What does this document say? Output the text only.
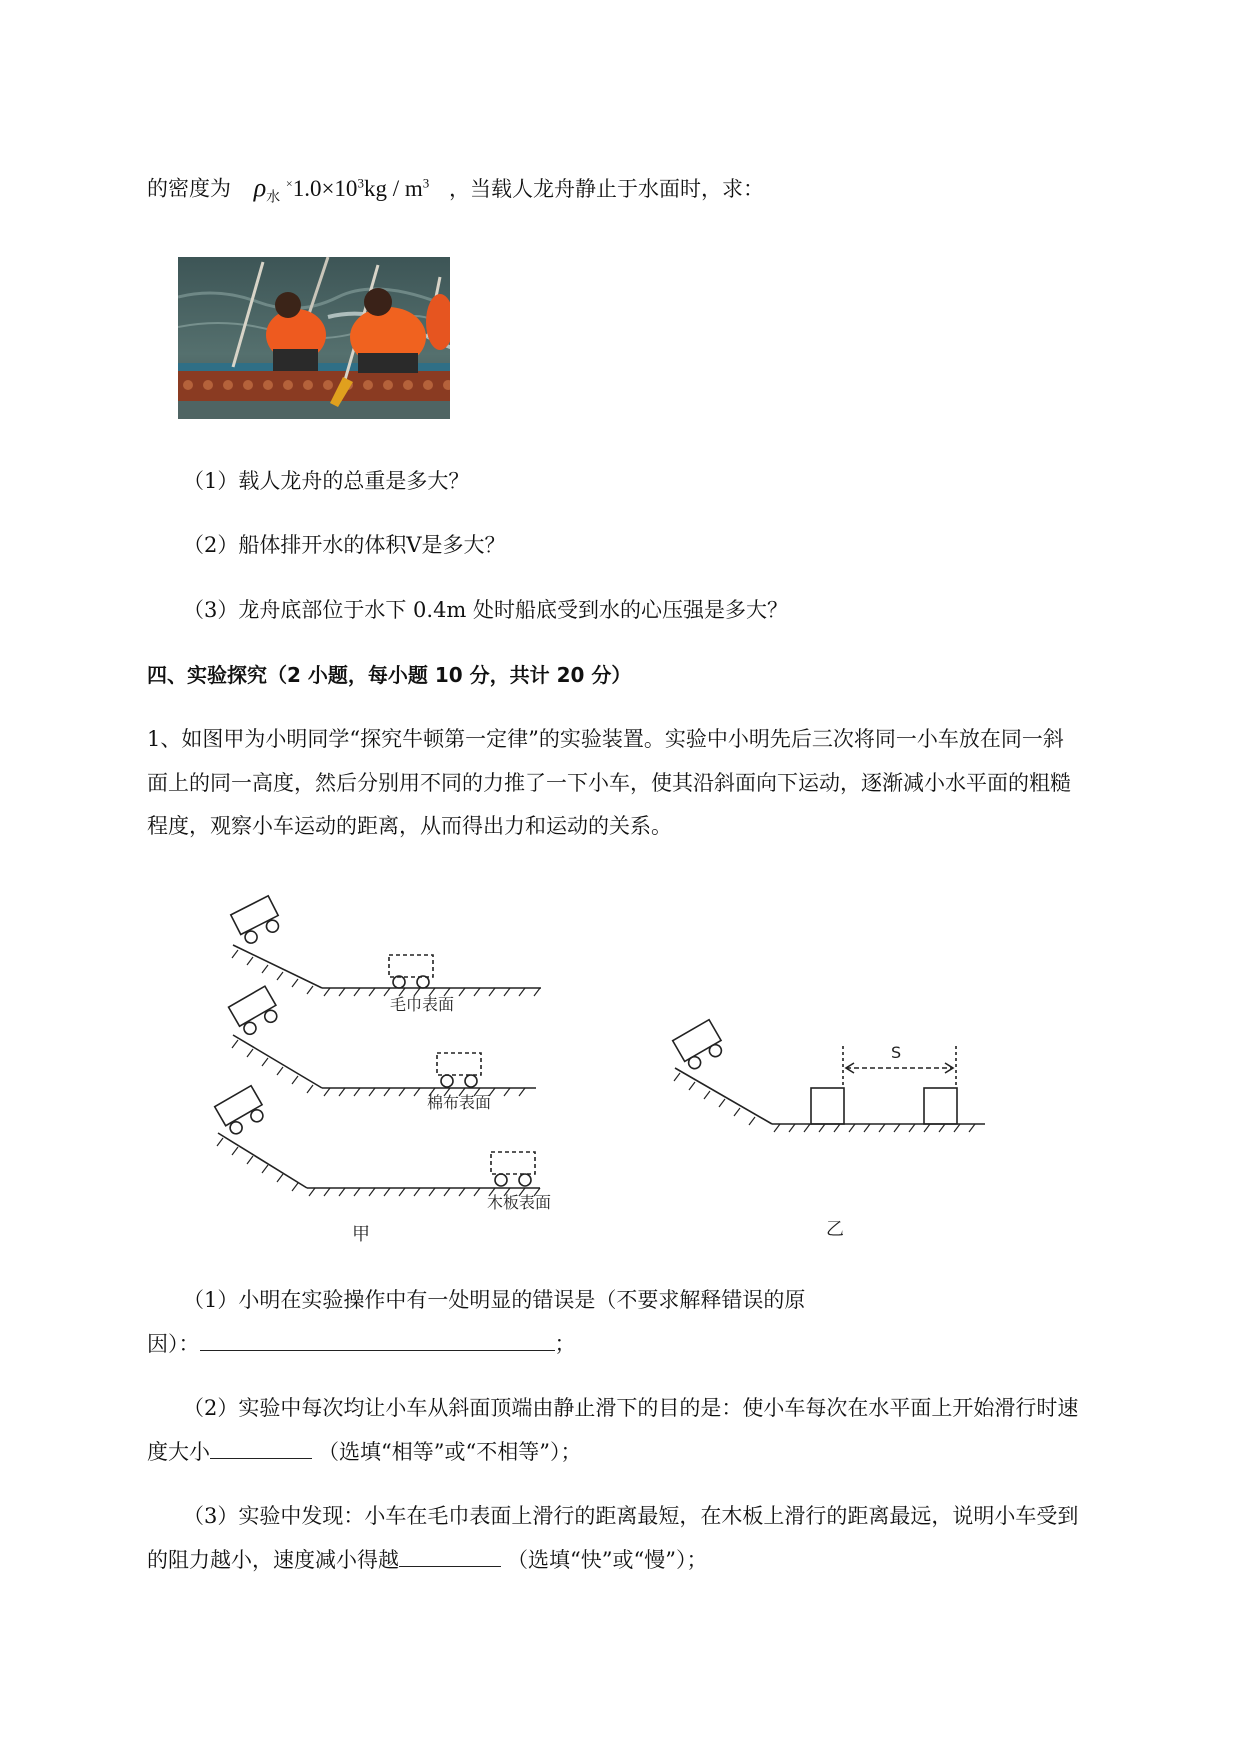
的密度为 $\rho_水$ $^\times 1.0\times 10^3kg / m^3$ ，当载人龙舟静止于水面时，求：
（1）载人龙舟的总重是多大？
（2）船体排开水的体积V是多大？
（3）龙舟底部位于水下 0.4m 处时船底受到水的心压强是多大？
四、实验探究（2 小题，每小题 10 分，共计 20 分）
1、如图甲为小明同学“探究牛顿第一定律”的实验装置。实验中小明先后三次将同一小车放在同一斜
面上的同一高度，然后分别用不同的力推了一下小车，使其沿斜面向下运动，逐渐减小水平面的粗糙
程度，观察小车运动的距离，从而得出力和运动的关系。
毛巾表面
棉布表面
木板表面
甲	乙
S
（1）小明在实验操作中有一处明显的错误是（不要求解释错误的原
因）：	；
（2）实验中每次均让小车从斜面顶端由静止滑下的目的是：使小车每次在水平面上开始滑行时速
度大小	（选填“相等”或“不相等”）；
（3）实验中发现：小车在毛巾表面上滑行的距离最短，在木板上滑行的距离最远，说明小车受到
的阻力越小，速度减小得越	（选填“快”或“慢”）；
